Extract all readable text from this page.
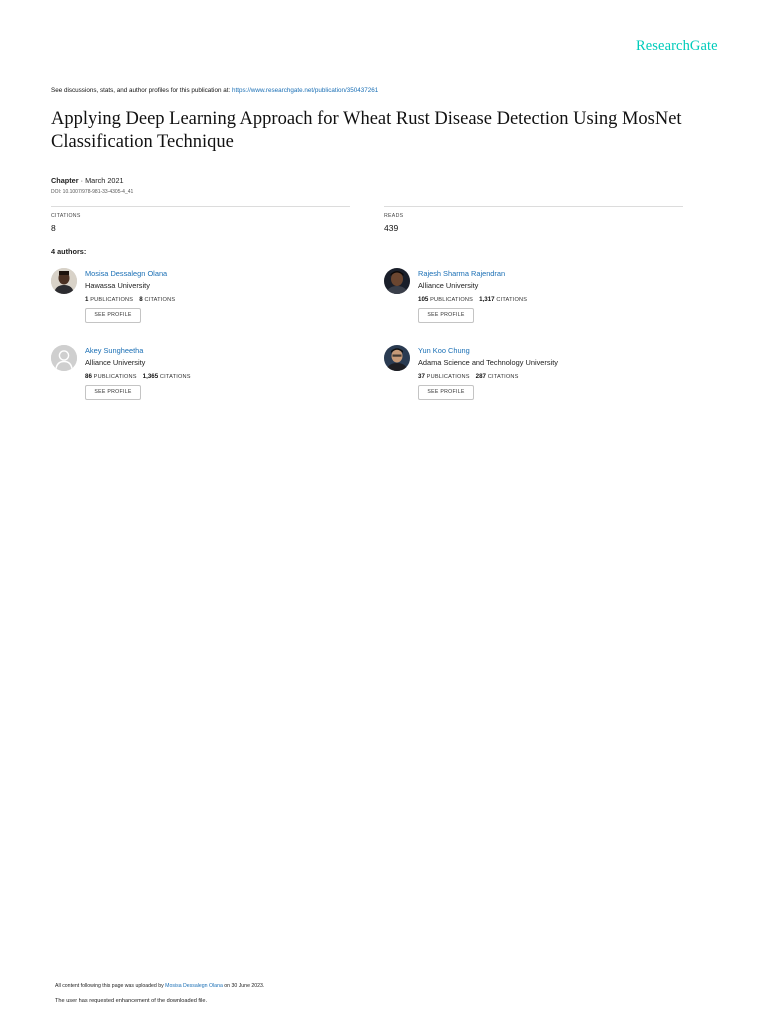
ResearchGate
See discussions, stats, and author profiles for this publication at: https://www.researchgate.net/publication/350437261
Applying Deep Learning Approach for Wheat Rust Disease Detection Using MosNet Classification Technique
Chapter · March 2021
DOI: 10.1007/978-981-33-4305-4_41
CITATIONS
8
READS
439
4 authors:
Mosisa Dessalegn Olana
Hawassa University
1 PUBLICATIONS 8 CITATIONS
SEE PROFILE
Rajesh Sharma Rajendran
Alliance University
105 PUBLICATIONS 1,317 CITATIONS
SEE PROFILE
Akey Sungheetha
Alliance University
86 PUBLICATIONS 1,365 CITATIONS
SEE PROFILE
Yun Koo Chung
Adama Science and Technology University
37 PUBLICATIONS 287 CITATIONS
SEE PROFILE
All content following this page was uploaded by Mosisa Dessalegn Olana on 30 June 2023.
The user has requested enhancement of the downloaded file.
